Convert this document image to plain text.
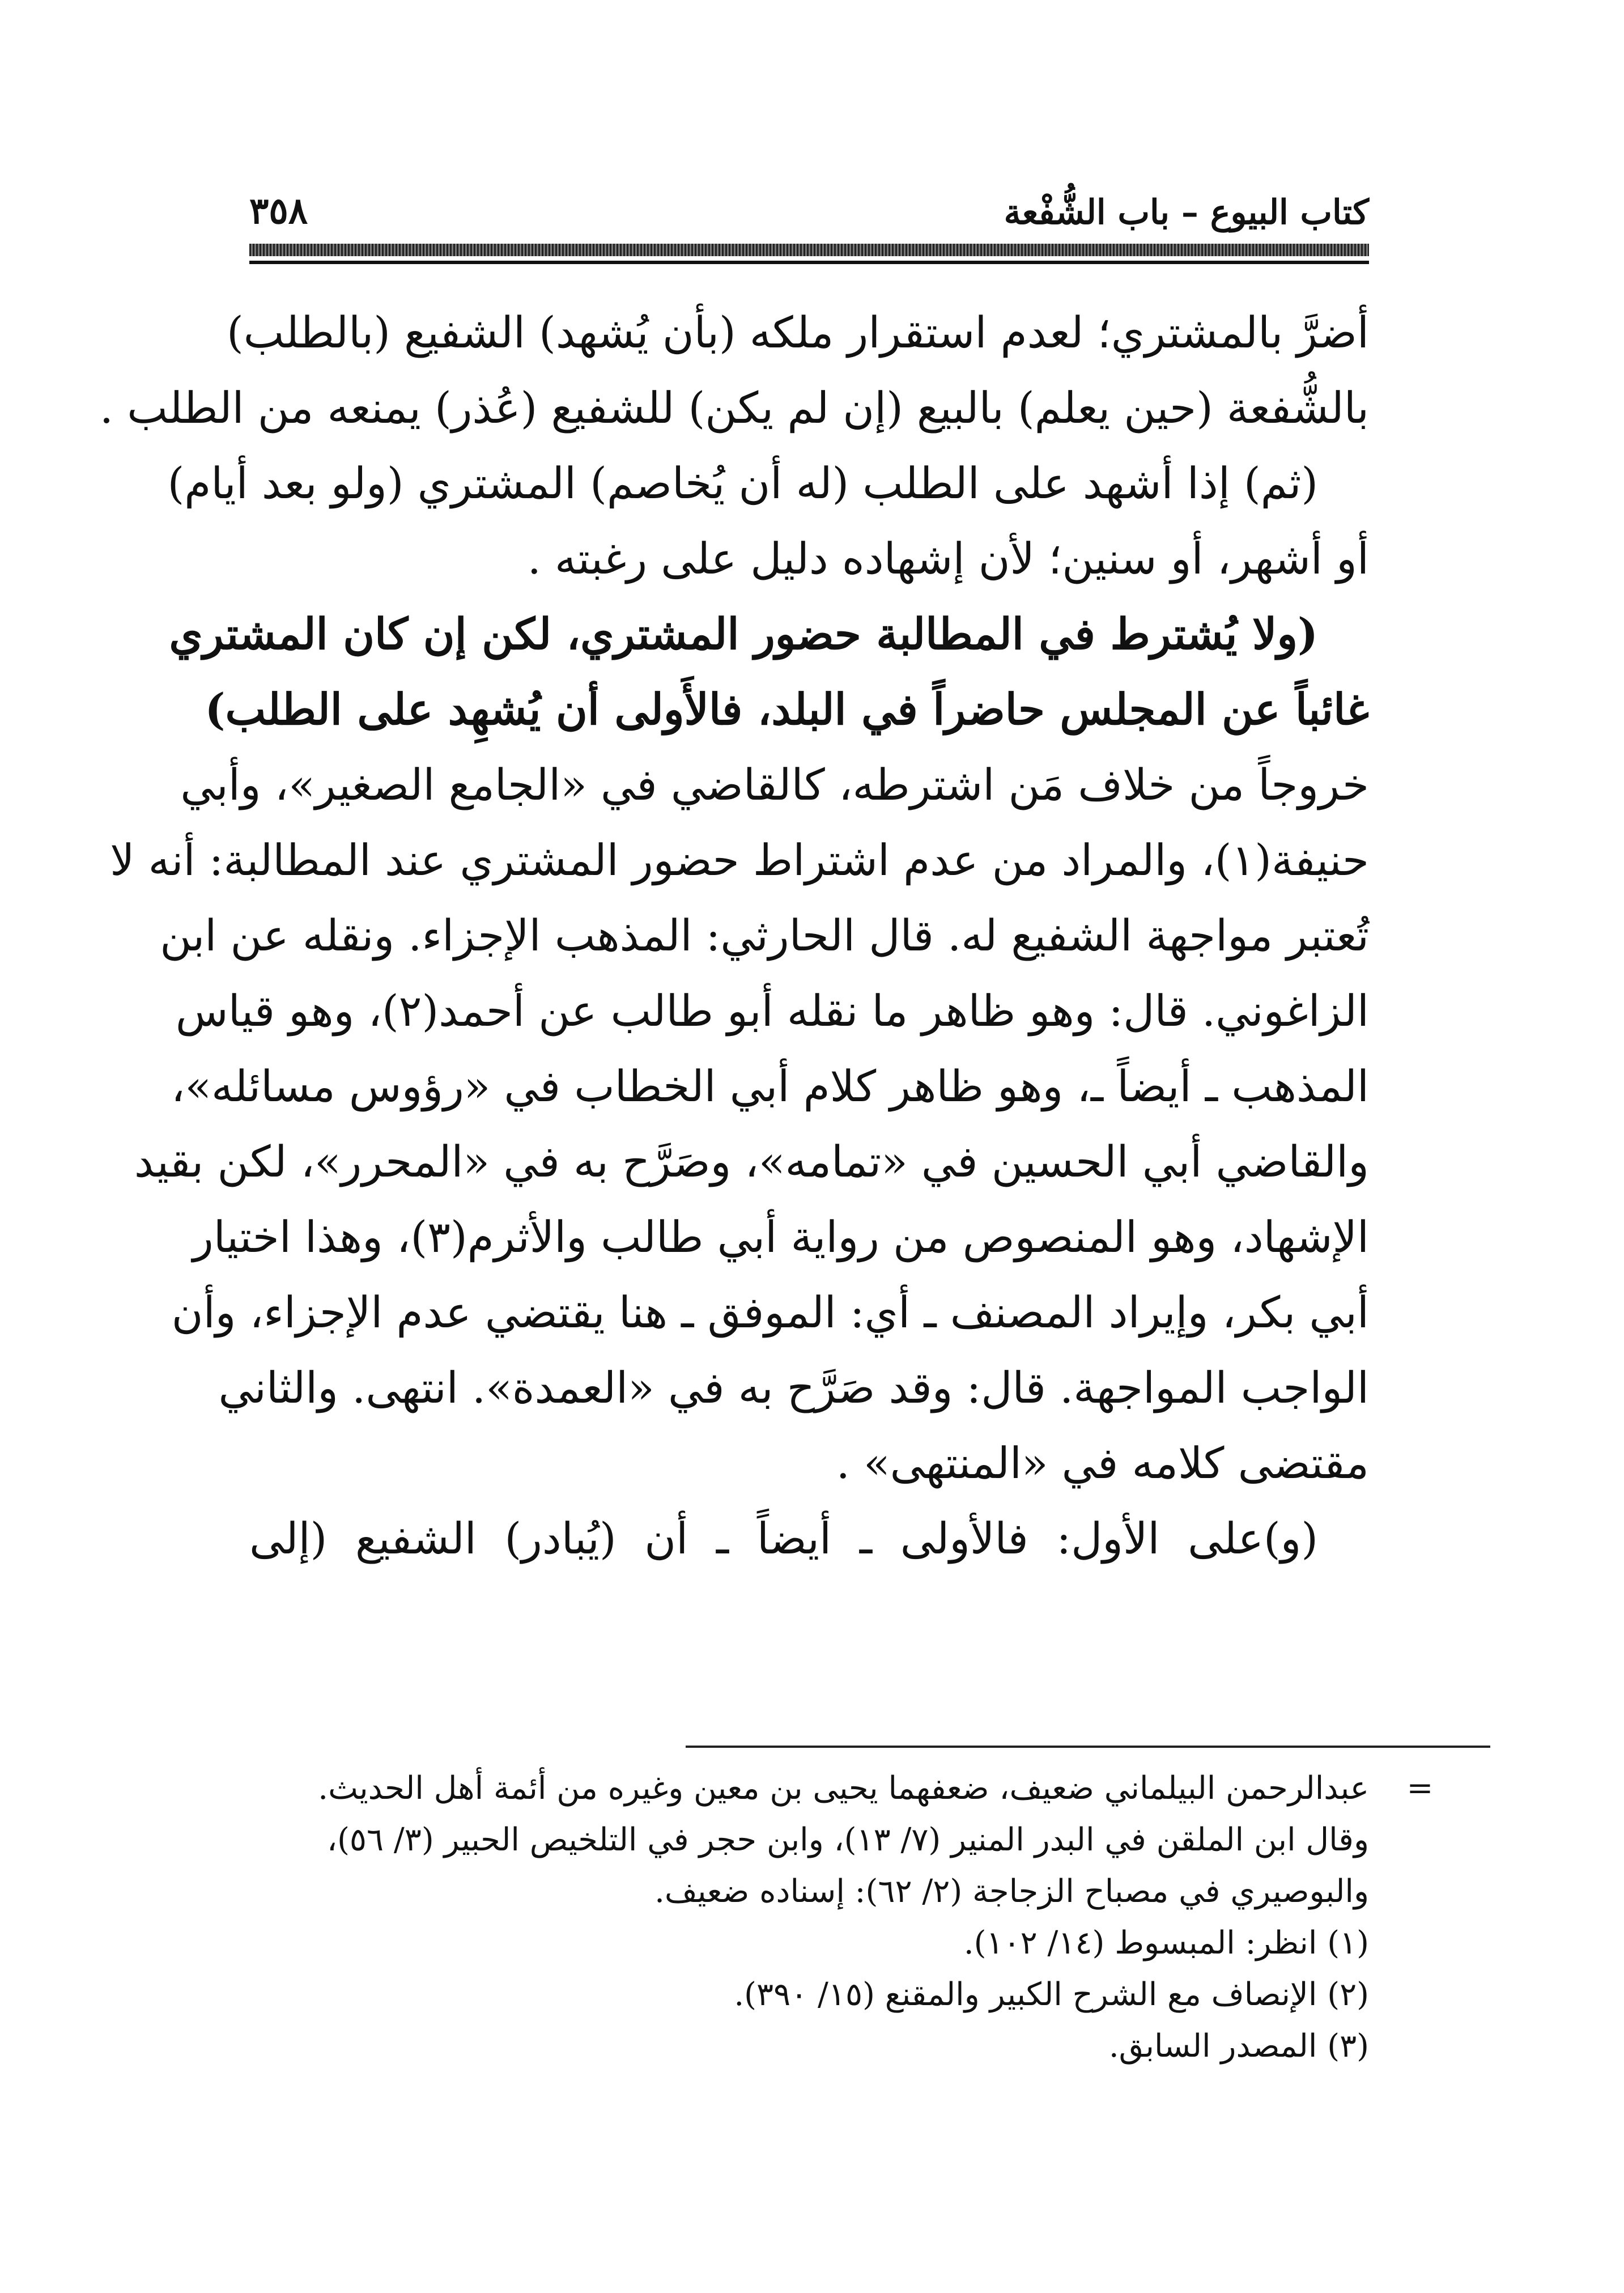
كتاب البيوع – باب الشُّفْعة
٣٥٨
أضرَّ بالمشتري؛ لعدم استقرار ملكه (بأن يُشهد) الشفيع (بالطلب)
بالشُّفعة (حين يعلم) بالبيع (إن لم يكن) للشفيع (عُذر) يمنعه من الطلب .
(ثم) إذا أشهد على الطلب (له أن يُخاصم) المشتري (ولو بعد أيام)
أو أشهر، أو سنين؛ لأن إشهاده دليل على رغبته .
(ولا يُشترط في المطالبة حضور المشتري، لكن إن كان المشتري
غائباً عن المجلس حاضراً في البلد، فالأَولى أن يُشهِد على الطلب)
خروجاً من خلاف مَن اشترطه، كالقاضي في «الجامع الصغير»، وأبي
حنيفة(١)، والمراد من عدم اشتراط حضور المشتري عند المطالبة: أنه لا
تُعتبر مواجهة الشفيع له. قال الحارثي: المذهب الإجزاء. ونقله عن ابن
الزاغوني. قال: وهو ظاهر ما نقله أبو طالب عن أحمد(٢)، وهو قياس
المذهب ـ أيضاً ـ، وهو ظاهر كلام أبي الخطاب في «رؤوس مسائله»،
والقاضي أبي الحسين في «تمامه»، وصَرَّح به في «المحرر»، لكن بقيد
الإشهاد، وهو المنصوص من رواية أبي طالب والأثرم(٣)، وهذا اختيار
أبي بكر، وإيراد المصنف ـ أي: الموفق ـ هنا يقتضي عدم الإجزاء، وأن
الواجب المواجهة. قال: وقد صَرَّح به في «العمدة». انتهى. والثاني
مقتضى كلامه في «المنتهى» .
(و)على الأول: فالأولى ـ أيضاً ـ أن (يُبادر) الشفيع (إلى
=
عبدالرحمن البيلماني ضعيف، ضعفهما يحيى بن معين وغيره من أئمة أهل الحديث.
وقال ابن الملقن في البدر المنير (٧/ ١٣)، وابن حجر في التلخيص الحبير (٣/ ٥٦)،
والبوصيري في مصباح الزجاجة (٢/ ٦٢): إسناده ضعيف.
(١) انظر: المبسوط (١٤/ ١٠٢).
(٢) الإنصاف مع الشرح الكبير والمقنع (١٥/ ٣٩٠).
(٣) المصدر السابق.
